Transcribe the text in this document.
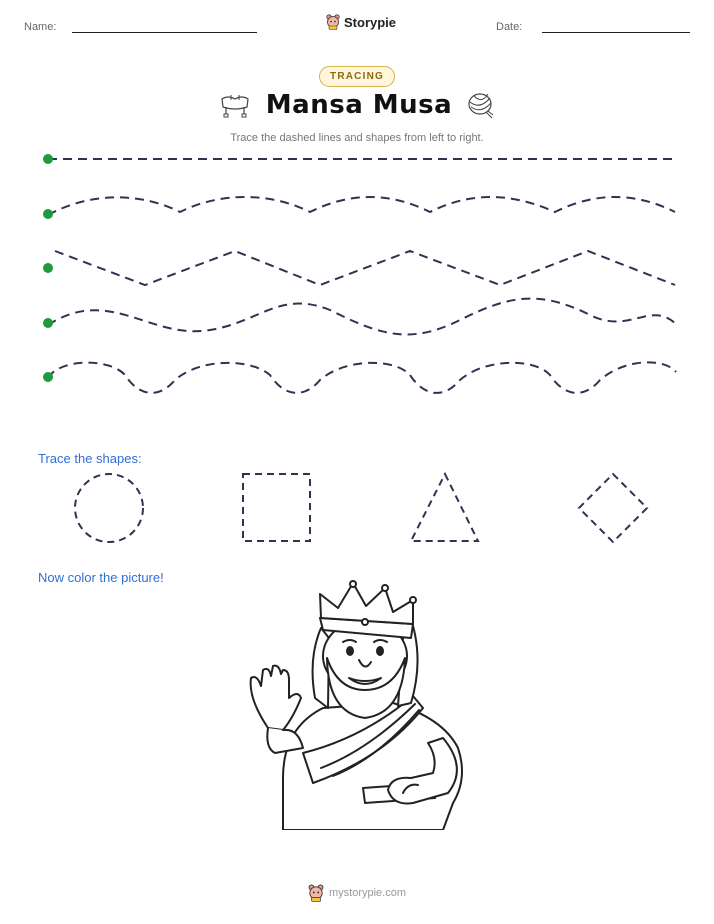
Name:	Storypie	Date:
TRACING
Mansa Musa
Trace the dashed lines and shapes from left to right.
Trace the shapes:
Now color the picture!
mystorypie.com
